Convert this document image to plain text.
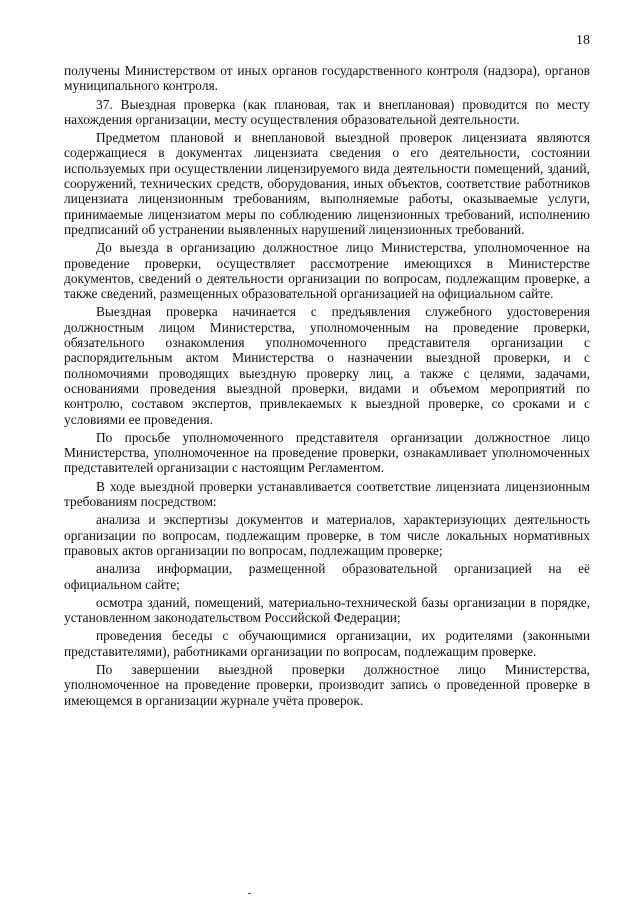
18

получены Министерством от иных органов государственного контроля (надзора), органов муниципального контроля.

37. Выездная проверка (как плановая, так и внеплановая) проводится по месту нахождения организации, месту осуществления образовательной деятельности.

Предметом плановой и внеплановой выездной проверок лицензиата являются содержащиеся в документах лицензиата сведения о его деятельности, состоянии используемых при осуществлении лицензируемого вида деятельности помещений, зданий, сооружений, технических средств, оборудования, иных объектов, соответствие работников лицензиата лицензионным требованиям, выполняемые работы, оказываемые услуги, принимаемые лицензиатом меры по соблюдению лицензионных требований, исполнению предписаний об устранении выявленных нарушений лицензионных требований.

До выезда в организацию должностное лицо Министерства, уполномоченное на проведение проверки, осуществляет рассмотрение имеющихся в Министерстве документов, сведений о деятельности организации по вопросам, подлежащим проверке, а также сведений, размещенных образовательной организацией на официальном сайте.

Выездная проверка начинается с предъявления служебного удостоверения должностным лицом Министерства, уполномоченным на проведение проверки, обязательного ознакомления уполномоченного представителя организации с распорядительным актом Министерства о назначении выездной проверки, и с полномочиями проводящих выездную проверку лиц, а также с целями, задачами, основаниями проведения выездной проверки, видами и объемом мероприятий по контролю, составом экспертов, привлекаемых к выездной проверке, со сроками и с условиями ее проведения.

По просьбе уполномоченного представителя организации должностное лицо Министерства, уполномоченное на проведение проверки, ознакамливает уполномоченных представителей организации с настоящим Регламентом.

В ходе выездной проверки устанавливается соответствие лицензиата лицензионным требованиям посредством:

анализа и экспертизы документов и материалов, характеризующих деятельность организации по вопросам, подлежащим проверке, в том числе локальных нормативных правовых актов организации по вопросам, подлежащим проверке;

анализа информации, размещенной образовательной организацией на её официальном сайте;

осмотра зданий, помещений, материально-технической базы организации в порядке, установленном законодательством Российской Федерации;

проведения беседы с обучающимися организации, их родителями (законными представителями), работниками организации по вопросам, подлежащим проверке.

По завершении выездной проверки должностное лицо Министерства, уполномоченное на проведение проверки, производит запись о проведенной проверке в имеющемся в организации журнале учёта проверок.
